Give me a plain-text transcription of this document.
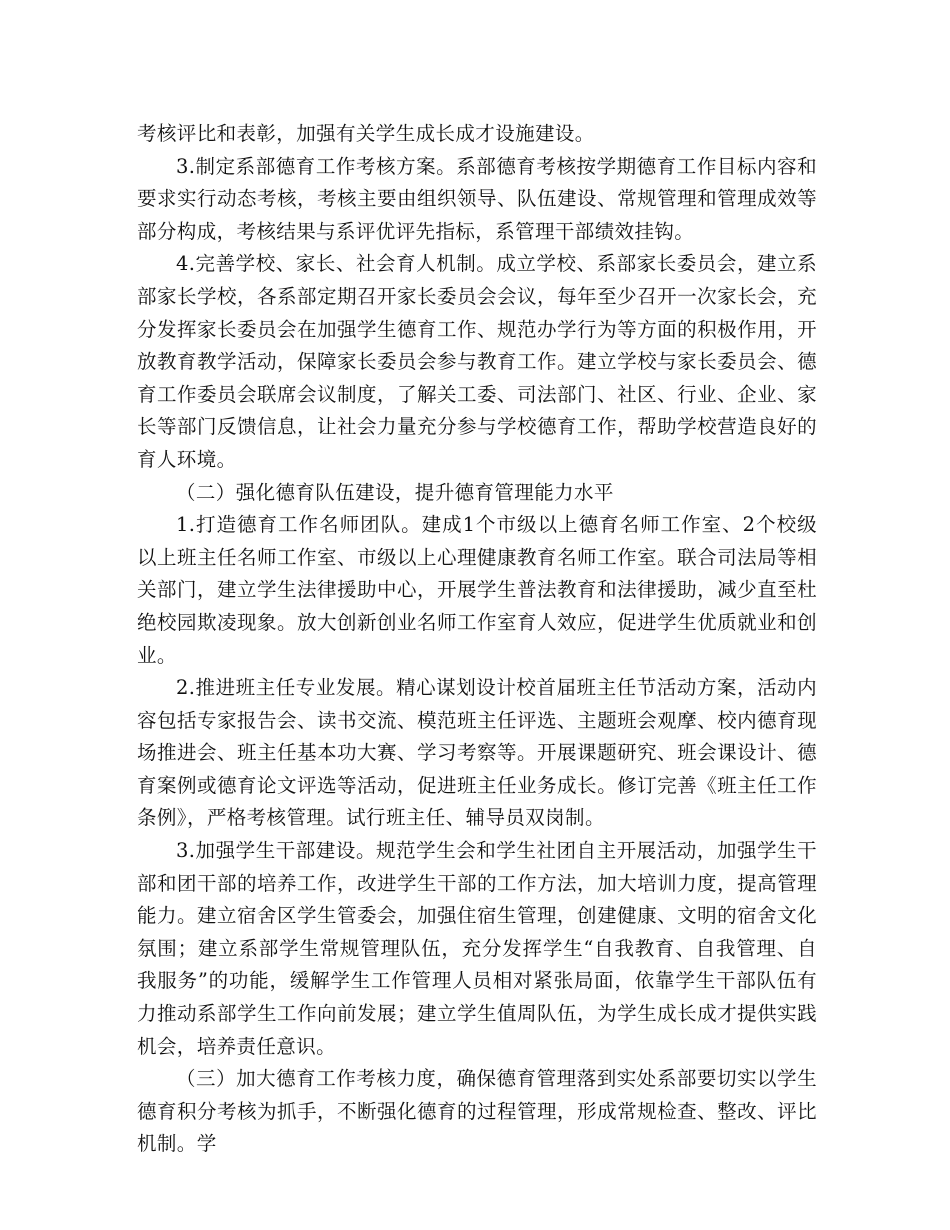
考核评比和表彰，加强有关学生成长成才设施建设。

3.制定系部德育工作考核方案。系部德育考核按学期德育工作目标内容和要求实行动态考核，考核主要由组织领导、队伍建设、常规管理和管理成效等部分构成，考核结果与系评优评先指标，系管理干部绩效挂钩。

4.完善学校、家长、社会育人机制。成立学校、系部家长委员会，建立系部家长学校，各系部定期召开家长委员会会议，每年至少召开一次家长会，充分发挥家长委员会在加强学生德育工作、规范办学行为等方面的积极作用，开放教育教学活动，保障家长委员会参与教育工作。建立学校与家长委员会、德育工作委员会联席会议制度，了解关工委、司法部门、社区、行业、企业、家长等部门反馈信息，让社会力量充分参与学校德育工作，帮助学校营造良好的育人环境。

（二）强化德育队伍建设，提升德育管理能力水平

1.打造德育工作名师团队。建成1个市级以上德育名师工作室、2个校级以上班主任名师工作室、市级以上心理健康教育名师工作室。联合司法局等相关部门，建立学生法律援助中心，开展学生普法教育和法律援助，减少直至杜绝校园欺凌现象。放大创新创业名师工作室育人效应，促进学生优质就业和创业。

2.推进班主任专业发展。精心谋划设计校首届班主任节活动方案，活动内容包括专家报告会、读书交流、模范班主任评选、主题班会观摩、校内德育现场推进会、班主任基本功大赛、学习考察等。开展课题研究、班会课设计、德育案例或德育论文评选等活动，促进班主任业务成长。修订完善《班主任工作条例》，严格考核管理。试行班主任、辅导员双岗制。

3.加强学生干部建设。规范学生会和学生社团自主开展活动，加强学生干部和团干部的培养工作，改进学生干部的工作方法，加大培训力度，提高管理能力。建立宿舍区学生管委会，加强住宿生管理，创建健康、文明的宿舍文化氛围；建立系部学生常规管理队伍，充分发挥学生“自我教育、自我管理、自我服务”的功能，缓解学生工作管理人员相对紧张局面，依靠学生干部队伍有力推动系部学生工作向前发展；建立学生值周队伍，为学生成长成才提供实践机会，培养责任意识。

（三）加大德育工作考核力度，确保德育管理落到实处系部要切实以学生德育积分考核为抓手，不断强化德育的过程管理，形成常规检查、整改、评比机制。学
